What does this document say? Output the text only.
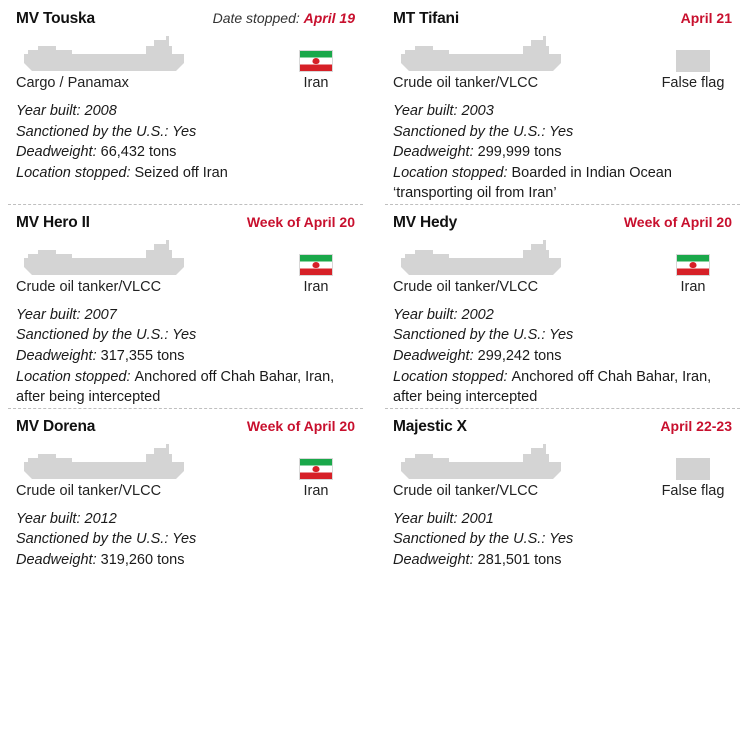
MV Touska	Date stopped: April 19
Cargo / Panamax	Iran
Year built: 2008
Sanctioned by the U.S.: Yes
Deadweight: 66,432 tons
Location stopped: Seized off Iran
MT Tifani	April 21
Crude oil tanker/VLCC	False flag
Year built: 2003
Sanctioned by the U.S.: Yes
Deadweight: 299,999 tons
Location stopped: Boarded in Indian Ocean ‘transporting oil from Iran’
MV Hero II	Week of April 20
Crude oil tanker/VLCC	Iran
Year built: 2007
Sanctioned by the U.S.: Yes
Deadweight: 317,355 tons
Location stopped: Anchored off Chah Bahar, Iran, after being intercepted
MV Hedy	Week of April 20
Crude oil tanker/VLCC	Iran
Year built: 2002
Sanctioned by the U.S.: Yes
Deadweight: 299,242 tons
Location stopped: Anchored off Chah Bahar, Iran, after being intercepted
MV Dorena	Week of April 20
Crude oil tanker/VLCC	Iran
Year built: 2012
Sanctioned by the U.S.: Yes
Deadweight: 319,260 tons
Majestic X	April 22-23
Crude oil tanker/VLCC	False flag
Year built: 2001
Sanctioned by the U.S.: Yes
Deadweight: 281,501 tons
